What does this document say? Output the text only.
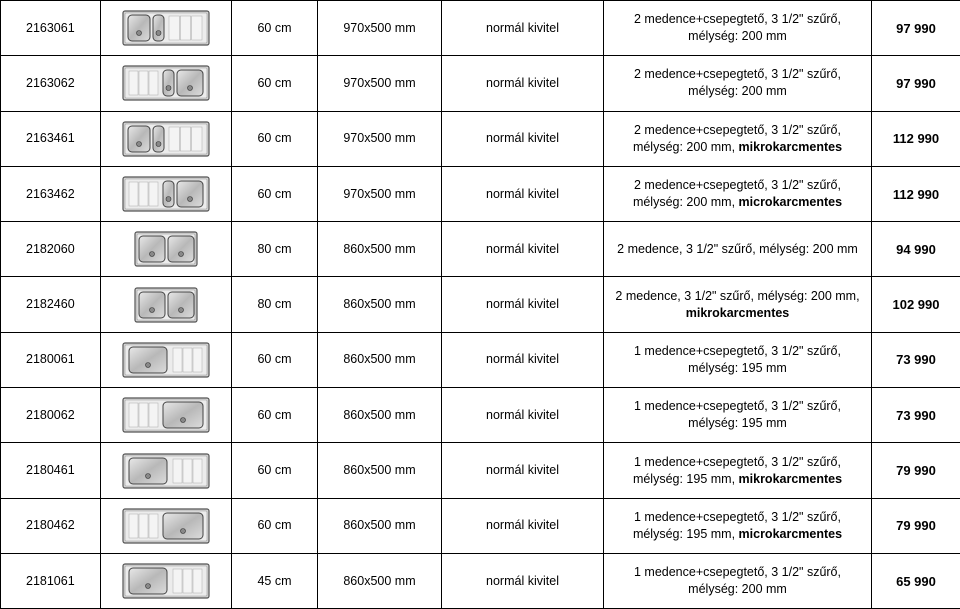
2163061		60 cm	970x500 mm	normál kivitel	2 medence+csepegtető, 3 1/2" szűrő,
mélység: 200 mm	97 990
2163062		60 cm	970x500 mm	normál kivitel	2 medence+csepegtető, 3 1/2" szűrő,
mélység: 200 mm	97 990
2163461		60 cm	970x500 mm	normál kivitel	2 medence+csepegtető, 3 1/2" szűrő,
mélység: 200 mm, mikrokarcmentes	112 990
2163462		60 cm	970x500 mm	normál kivitel	2 medence+csepegtető, 3 1/2" szűrő,
mélység: 200 mm, microkarcmentes	112 990
2182060		80 cm	860x500 mm	normál kivitel	2 medence, 3 1/2" szűrő, mélység: 200 mm	94 990
2182460		80 cm	860x500 mm	normál kivitel	2 medence, 3 1/2" szűrő, mélység: 200 mm,
mikrokarcmentes	102 990
2180061		60 cm	860x500 mm	normál kivitel	1 medence+csepegtető, 3 1/2" szűrő,
mélység: 195 mm	73 990
2180062		60 cm	860x500 mm	normál kivitel	1 medence+csepegtető, 3 1/2" szűrő,
mélység: 195 mm	73 990
2180461		60 cm	860x500 mm	normál kivitel	1 medence+csepegtető, 3 1/2" szűrő,
mélység: 195 mm, mikrokarcmentes	79 990
2180462		60 cm	860x500 mm	normál kivitel	1 medence+csepegtető, 3 1/2" szűrő,
mélység: 195 mm, microkarcmentes	79 990
2181061		45 cm	860x500 mm	normál kivitel	1 medence+csepegtető, 3 1/2" szűrő,
mélység: 200 mm	65 990
